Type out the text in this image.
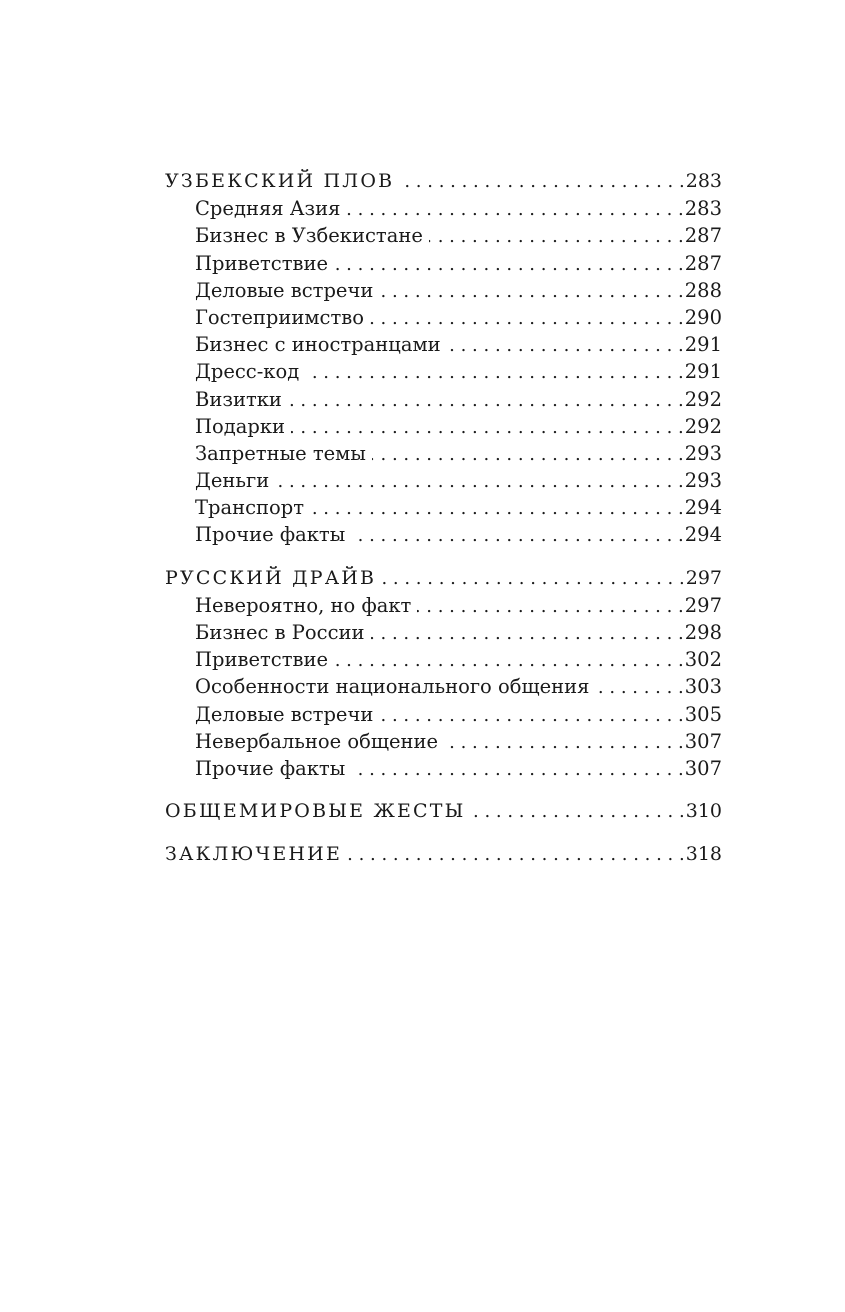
УЗБЕКСКИЙ ПЛОВ . . .	283
Средняя Азия . . .	283
Бизнес в Узбекистане . . .	287
Приветствие . . .	287
Деловые встречи . . .	288
Гостеприимство . . .	290
Бизнес с иностранцами . . .	291
Дресс-код . . .	291
Визитки . . .	292
Подарки . . .	292
Запретные темы . . .	293
Деньги . . .	293
Транспорт . . .	294
Прочие факты . . .	294
РУССКИЙ ДРАЙВ . . .	297
Невероятно, но факт . . .	297
Бизнес в России . . .	298
Приветствие . . .	302
Особенности национального общения . . .	303
Деловые встречи . . .	305
Невербальное общение . . .	307
Прочие факты . . .	307
ОБЩЕМИРОВЫЕ ЖЕСТЫ . . .	310
ЗАКЛЮЧЕНИЕ . . .	318
